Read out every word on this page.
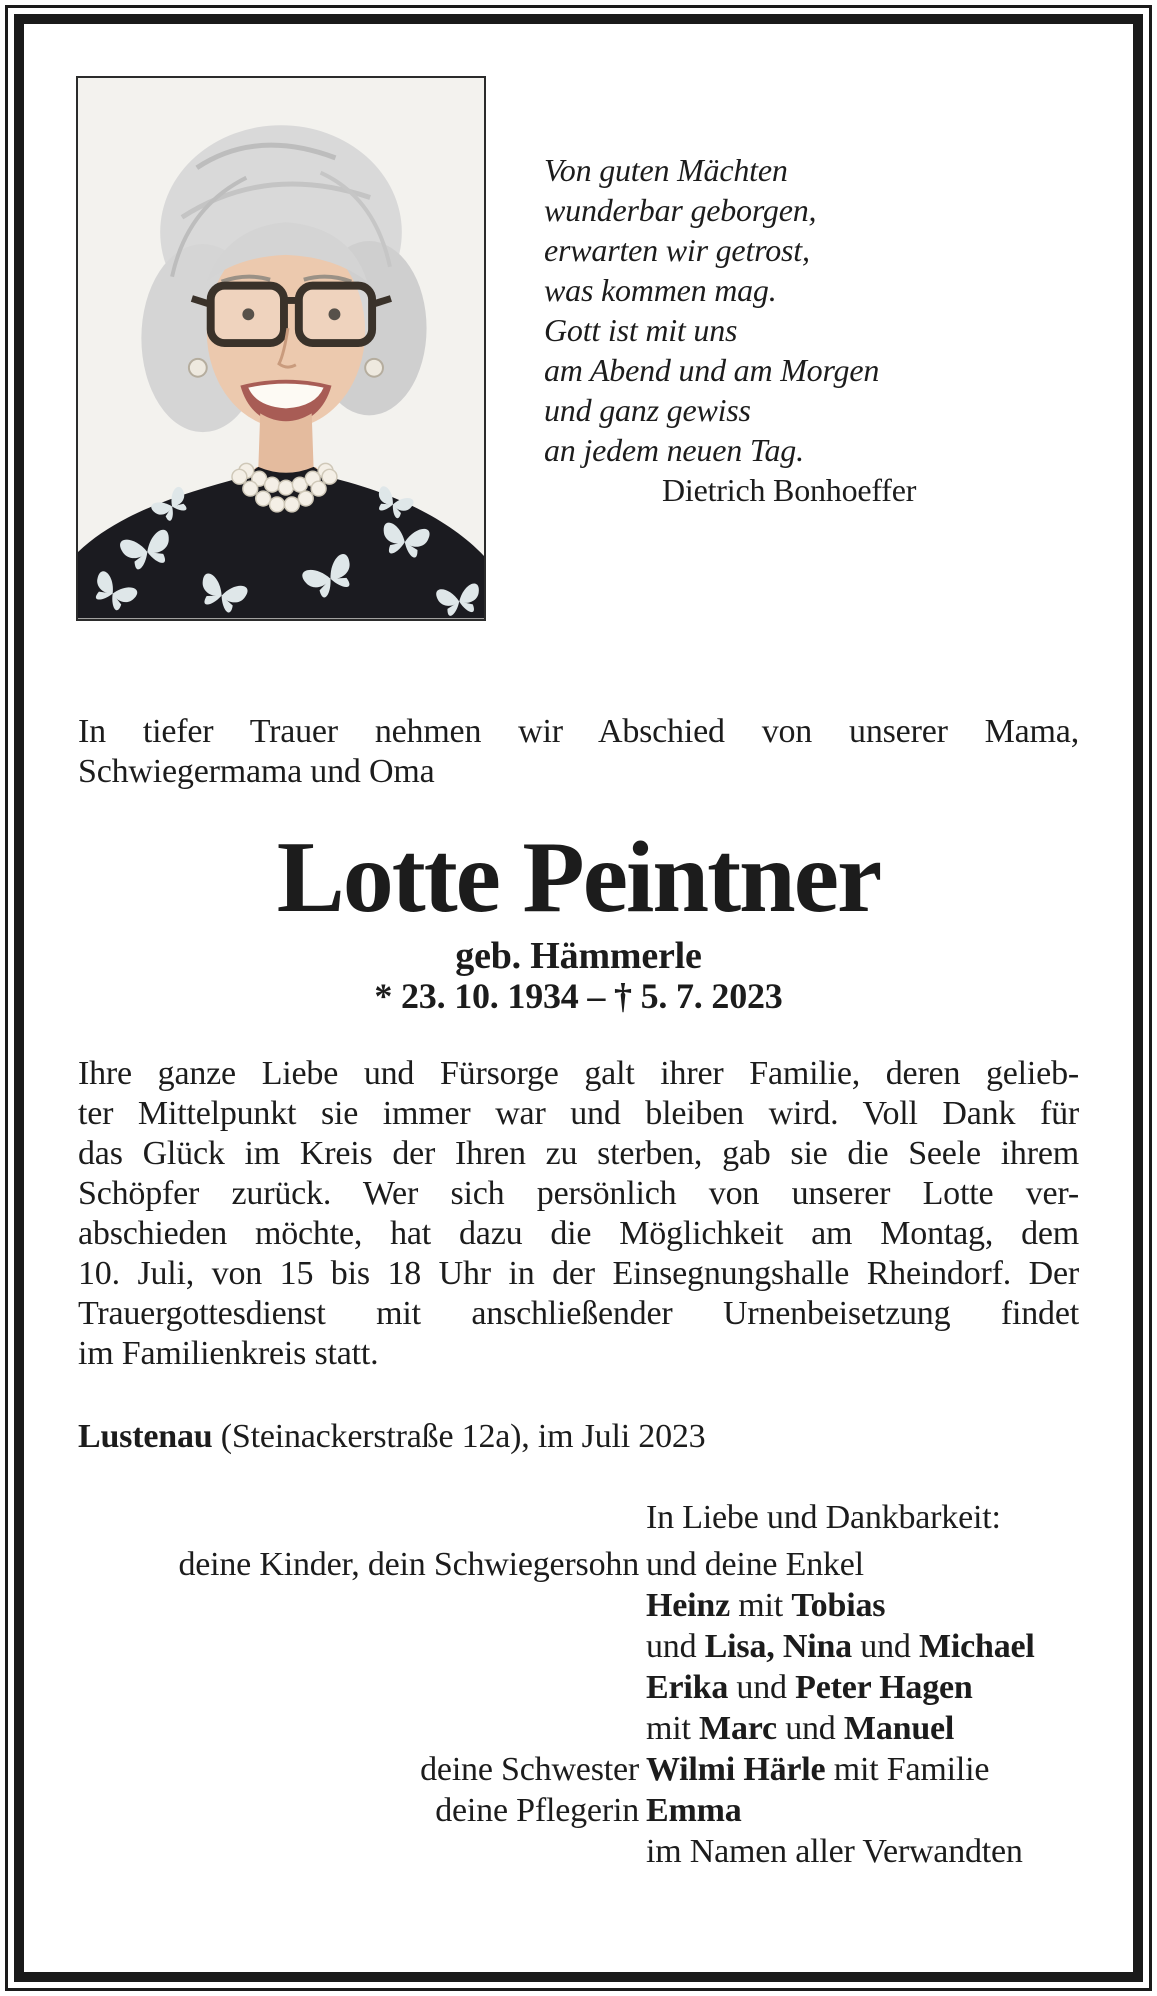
Von guten Mächten
wunderbar geborgen,
erwarten wir getrost,
was kommen mag.
Gott ist mit uns
am Abend und am Morgen
und ganz gewiss
an jedem neuen Tag.
Dietrich Bonhoeffer
In tiefer Trauer nehmen wir Abschied von unserer Mama,
Schwiegermama und Oma
Lotte Peintner
geb. Hämmerle
* 23. 10. 1934 – † 5. 7. 2023
Ihre ganze Liebe und Fürsorge galt ihrer Familie, deren gelieb-
ter Mittelpunkt sie immer war und bleiben wird. Voll Dank für
das Glück im Kreis der Ihren zu sterben, gab sie die Seele ihrem
Schöpfer zurück. Wer sich persönlich von unserer Lotte ver-
abschieden möchte, hat dazu die Möglichkeit am Montag, dem
10. Juli, von 15 bis 18 Uhr in der Einsegnungshalle Rheindorf. Der
Trauergottesdienst mit anschließender Urnenbeisetzung findet
im Familienkreis statt.
Lustenau (Steinackerstraße 12a), im Juli 2023
In Liebe und Dankbarkeit:
deine Kinder, dein Schwiegersohn und deine Enkel
Heinz mit Tobias
und Lisa, Nina und Michael
Erika und Peter Hagen
mit Marc und Manuel
deine Schwester Wilmi Härle mit Familie
deine Pflegerin Emma
im Namen aller Verwandten
